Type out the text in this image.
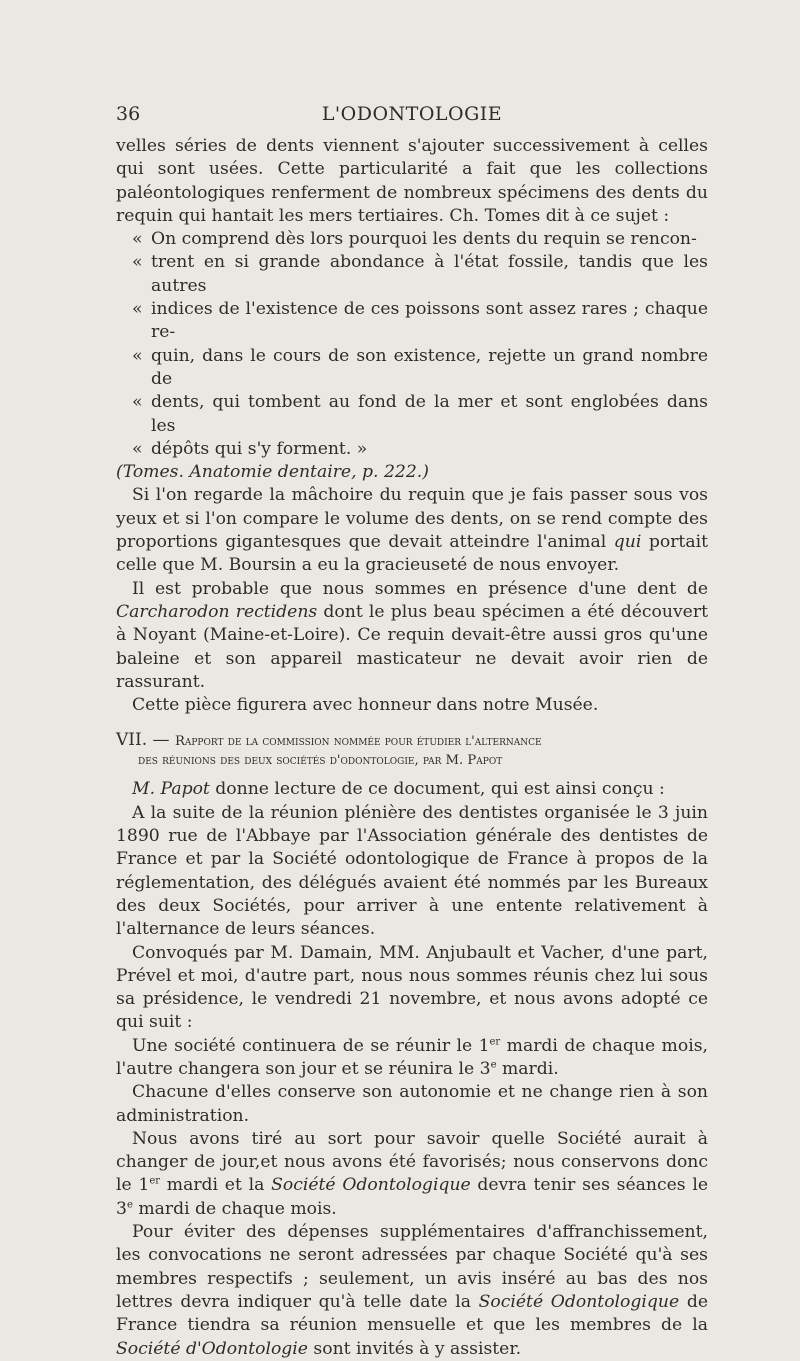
36	L'ODONTOLOGIE

velles séries de dents viennent s'ajouter successivement à celles qui sont usées. Cette particularité a fait que les collections paléontologiques renferment de nombreux spécimens des dents du requin qui hantait les mers tertiaires. Ch. Tomes dit à ce sujet :

« On comprend dès lors pourquoi les dents du requin se rencon-
« trent en si grande abondance à l'état fossile, tandis que les autres
« indices de l'existence de ces poissons sont assez rares ; chaque re-
« quin, dans le cours de son existence, rejette un grand nombre de
« dents, qui tombent au fond de la mer et sont englobées dans les
« dépôts qui s'y forment. »

(Tomes. Anatomie dentaire, p. 222.)

Si l'on regarde la mâchoire du requin que je fais passer sous vos yeux et si l'on compare le volume des dents, on se rend compte des proportions gigantesques que devait atteindre l'animal qui portait celle que M. Boursin a eu la gracieuseté de nous envoyer.

Il est probable que nous sommes en présence d'une dent de Carcharodon rectidens dont le plus beau spécimen a été découvert à Noyant (Maine-et-Loire). Ce requin devait-être aussi gros qu'une baleine et son appareil masticateur ne devait avoir rien de rassurant.

Cette pièce figurera avec honneur dans notre Musée.

VII. — Rapport de la commission nommée pour étudier l'alternance
des réunions des deux sociétés d'odontologie, par M. Papot

M. Papot donne lecture de ce document, qui est ainsi conçu :

A la suite de la réunion plénière des dentistes organisée le 3 juin 1890 rue de l'Abbaye par l'Association générale des dentistes de France et par la Société odontologique de France à propos de la réglementation, des délégués avaient été nommés par les Bureaux des deux Sociétés, pour arriver à une entente relativement à l'alternance de leurs séances.

Convoqués par M. Damain, MM. Anjubault et Vacher, d'une part, Prével et moi, d'autre part, nous nous sommes réunis chez lui sous sa présidence, le vendredi 21 novembre, et nous avons adopté ce qui suit :

Une société continuera de se réunir le 1er mardi de chaque mois, l'autre changera son jour et se réunira le 3e mardi.

Chacune d'elles conserve son autonomie et ne change rien à son administration.

Nous avons tiré au sort pour savoir quelle Société aurait à changer de jour,et nous avons été favorisés; nous conservons donc le 1er mardi et la Société Odontologique devra tenir ses séances le 3e mardi de chaque mois.

Pour éviter des dépenses supplémentaires d'affranchissement, les convocations ne seront adressées par chaque Société qu'à ses membres respectifs ; seulement, un avis inséré au bas des nos lettres devra indiquer qu'à telle date la Société Odontologique de France tiendra sa réunion mensuelle et que les membres de la Société d'Odontologie sont invités à y assister.
